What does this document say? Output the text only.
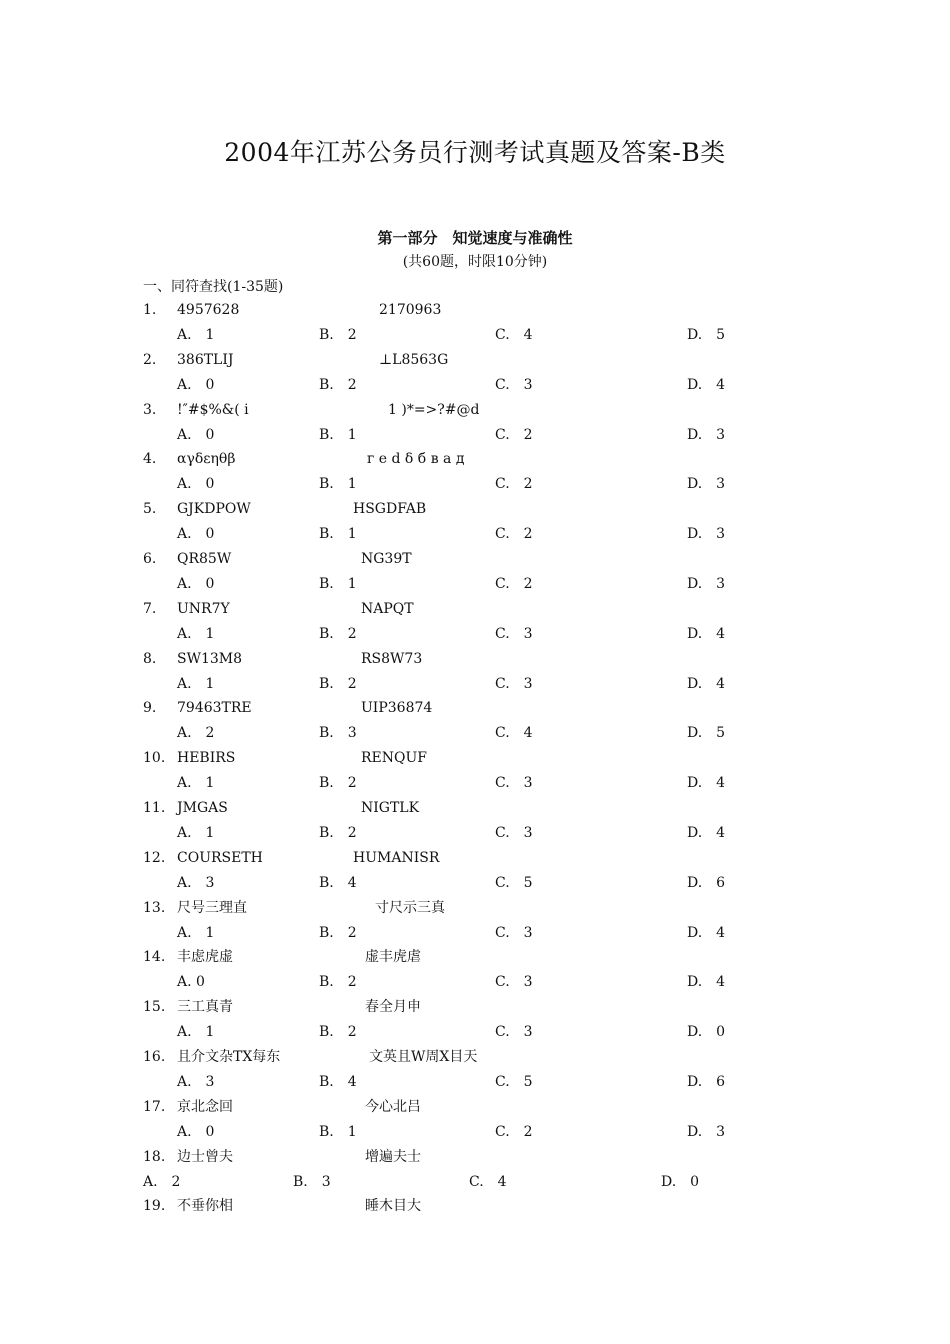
2004年江苏公务员行测考试真题及答案-B类
第一部分　知觉速度与准确性
(共60题，时限10分钟)
一、同符查找(1-35题)
1. 4957628	2170963
A.　1	B.　2	C.　4	D.　5
2. 386TLIJ	⊥L8563G
A.　0	B.　2	C.　3	D.　4
3. !″#$%&( i	1 )*=>?#@d
A.　0	B.　1	C.　2	D.　3
4. αγδεηθβ	г е d δ б в а д
A.　0	B.　1	C.　2	D.　3
5. GJKDPOW	HSGDFAB
A.　0	B.　1	C.　2	D.　3
6. QR85W	NG39T
A.　0	B.　1	C.　2	D.　3
7. UNR7Y	NAPQT
A.　1	B.　2	C.　3	D.　4
8. SW13M8	RS8W73
A.　1	B.　2	C.　3	D.　4
9. 79463TRE	UIP36874
A.　2	B.　3	C.　4	D.　5
10. HEBIRS	RENQUF
A.　1	B.　2	C.　3	D.　4
11. JMGAS	NIGTLK
A.　1	B.　2	C.　3	D.　4
12. COURSETH	HUMANISR
A.　3	B.　4	C.　5	D.　6
13. 尺号三理直	寸尺示三真
A.　1	B.　2	C.　3	D.　4
14. 丰虑虎虚	虚丰虎虐
A. 0	B.　2	C.　3	D.　4
15. 三工真青	春全月申
A.　1	B.　2	C.　3	D.　0
16. 且介文杂TX每东	文英且W周X目天
A.　3	B.　4	C.　5	D.　6
17. 京北念回	今心北吕
A.　0	B.　1	C.　2	D.　3
18. 边士曾夫	增遍夫士
A.　2	B.　3	C.　4	D.　0
19. 不垂你相	睡木目大
